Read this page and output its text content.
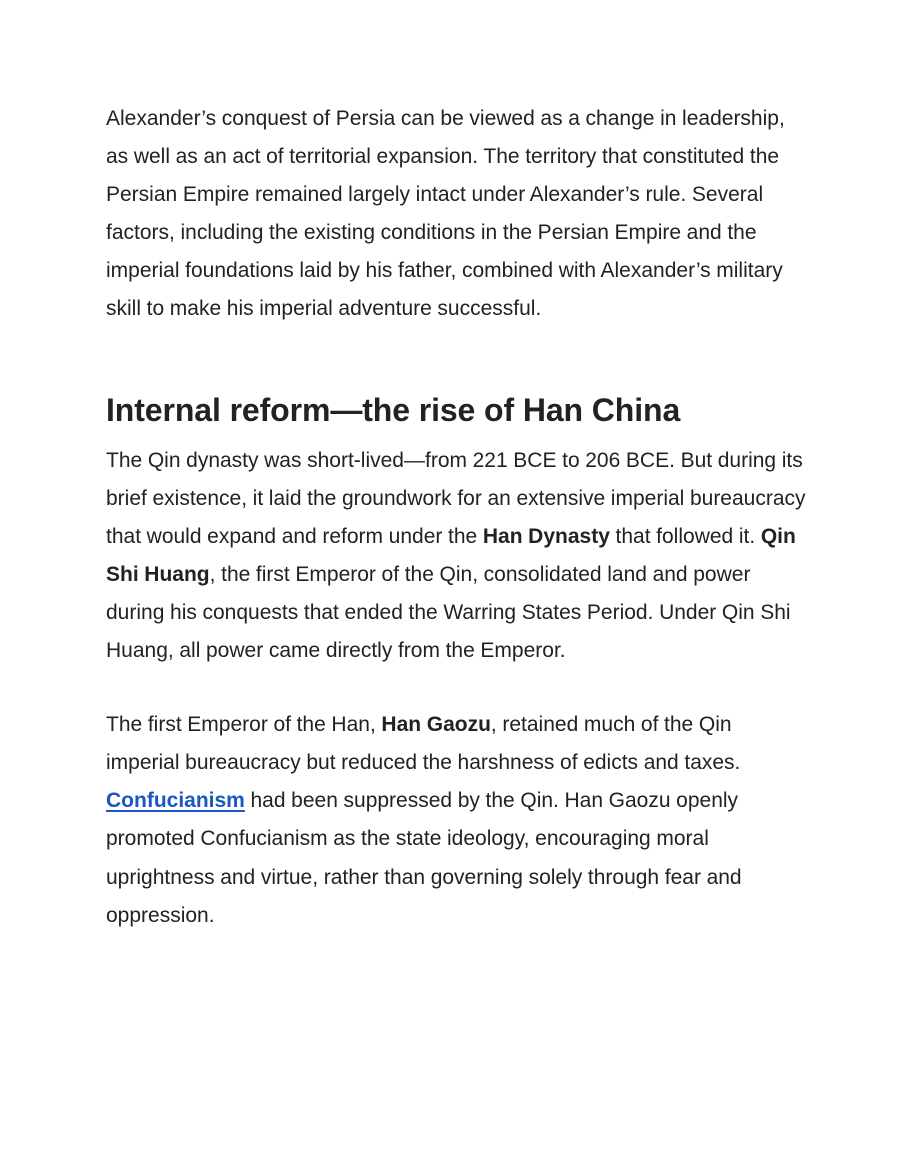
Alexander’s conquest of Persia can be viewed as a change in leadership, as well as an act of territorial expansion. The territory that constituted the Persian Empire remained largely intact under Alexander’s rule. Several factors, including the existing conditions in the Persian Empire and the imperial foundations laid by his father, combined with Alexander’s military skill to make his imperial adventure successful.

Internal reform—the rise of Han China

The Qin dynasty was short-lived—from 221 BCE to 206 BCE. But during its brief existence, it laid the groundwork for an extensive imperial bureaucracy that would expand and reform under the Han Dynasty that followed it. Qin Shi Huang, the first Emperor of the Qin, consolidated land and power during his conquests that ended the Warring States Period. Under Qin Shi Huang, all power came directly from the Emperor.

The first Emperor of the Han, Han Gaozu, retained much of the Qin imperial bureaucracy but reduced the harshness of edicts and taxes. Confucianism had been suppressed by the Qin. Han Gaozu openly promoted Confucianism as the state ideology, encouraging moral uprightness and virtue, rather than governing solely through fear and oppression.
